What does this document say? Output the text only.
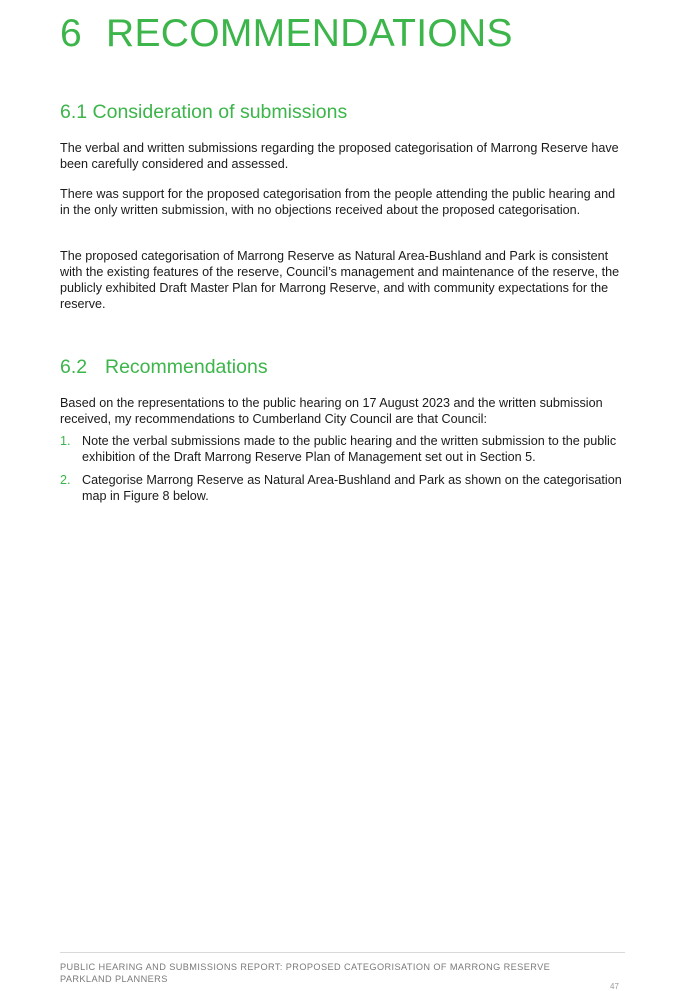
6 RECOMMENDATIONS
6.1 Consideration of submissions

The verbal and written submissions regarding the proposed categorisation of Marrong Reserve have been carefully considered and assessed.

There was support for the proposed categorisation from the people attending the public hearing and in the only written submission, with no objections received about the proposed categorisation.

The proposed categorisation of Marrong Reserve as Natural Area-Bushland and Park is consistent with the existing features of the reserve, Council’s management and maintenance of the reserve, the publicly exhibited Draft Master Plan for Marrong Reserve, and with community expectations for the reserve.

6.2 Recommendations

Based on the representations to the public hearing on 17 August 2023 and the written submission received, my recommendations to Cumberland City Council are that Council:

1. Note the verbal submissions made to the public hearing and the written submission to the public exhibition of the Draft Marrong Reserve Plan of Management set out in Section 5.
2. Categorise Marrong Reserve as Natural Area-Bushland and Park as shown on the categorisation map in Figure 8 below.
PUBLIC HEARING AND SUBMISSIONS REPORT: PROPOSED CATEGORISATION OF MARRONG RESERVE
PARKLAND PLANNERS
47
